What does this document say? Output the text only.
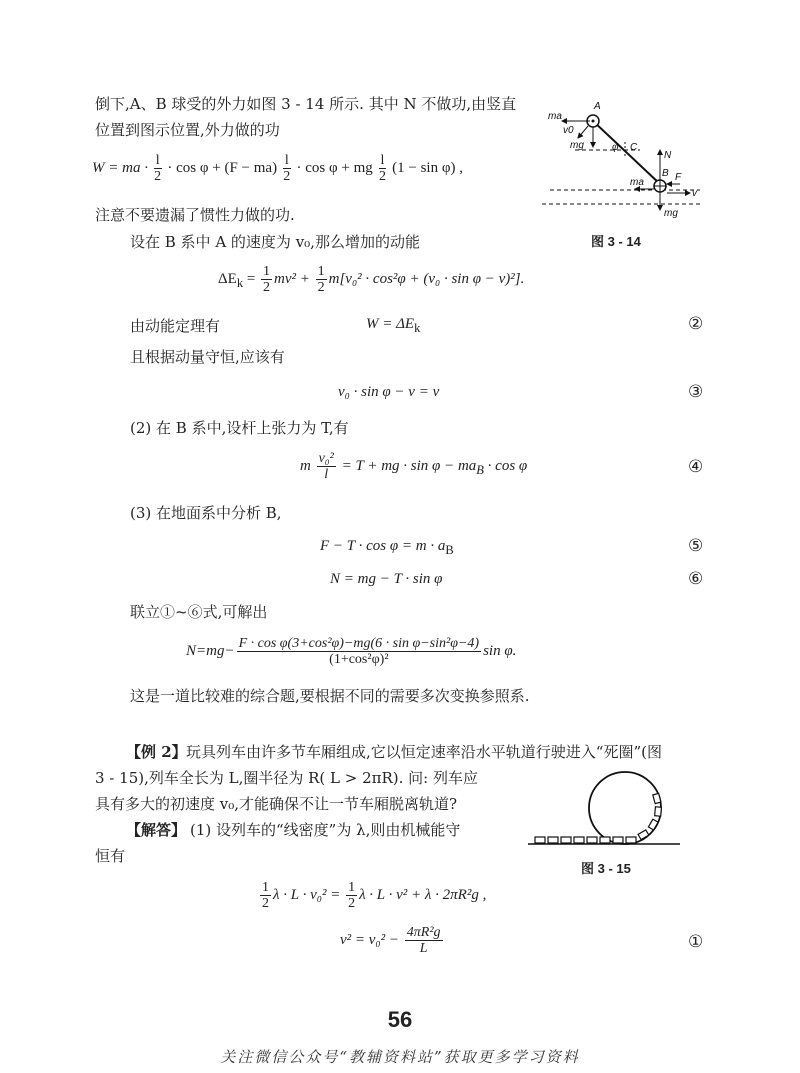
倒下,A、B 球受的外力如图 3 - 14 所示. 其中 N 不做功,由竖直
位置到图示位置,外力做的功
W = ma · $\frac{l}{2} \cdot \cos \varphi + (F - ma) \frac{l}{2} \cdot \cos \varphi$ + mg $\frac{l}{2} (1 - \sin \varphi)$ ,
注意不要遗漏了惯性力做的功.
设在 B 系中 A 的速度为 v₀,那么增加的动能
$\Delta E_k = \frac{1}{2} mv^2 + \frac{1}{2} m[v_0^2 \cdot \cos^2\varphi + (v_0 \cdot \sin \varphi - v)^2]$.
由动能定理有	$W = \Delta E_k$	②
且根据动量守恒,应该有
v₀ · sin φ − v = v	③
(2) 在 B 系中,设杆上张力为 T,有
m $\frac{\text{v₀²}}{l} = T$ + mg · $\sin \varphi - ma_B \cdot \cos \varphi$	④
(3) 在地面系中分析 B,
$F - T \cdot \cos \varphi = m \cdot a_B$	⑤
N = mg − T · sin φ	⑥
联立①~⑥式,可解出
$N=mg- \frac{\text{F · cos φ(3+cos²φ)−mg(6 · sin φ−sin²φ−4)}}{\text{(1+cos²φ)²}}$ sin φ.
这是一道比较难的综合题,要根据不同的需要多次变换参照系.
【例 2】 玩具列车由许多节车厢组成,它以恒定速率沿水平轨道行驶进入“死圈”(图
3 - 15),列车全长为 L,圈半径为 R( L > 2πR). 问: 列车应
具有多大的初速度 v₀,才能确保不让一节车厢脱离轨道?
【解答】 (1) 设列车的“线密度”为 λ,则由机械能守
恒有
$\frac{1}{2}$ $\lambda \cdot L \cdot v_0^2 = \frac{1}{2}$ λ · L · v² + λ · 2πR²g ,
$v^2 = v_0^2 - \frac{\text{4πR²g}}{L}$	①
ma
A
v0
mg	φ C
N
ma
B F
v
mg
图 3 - 14
图 3 - 15
56
关注微信公众号“教辅资料站”获取更多学习资料
